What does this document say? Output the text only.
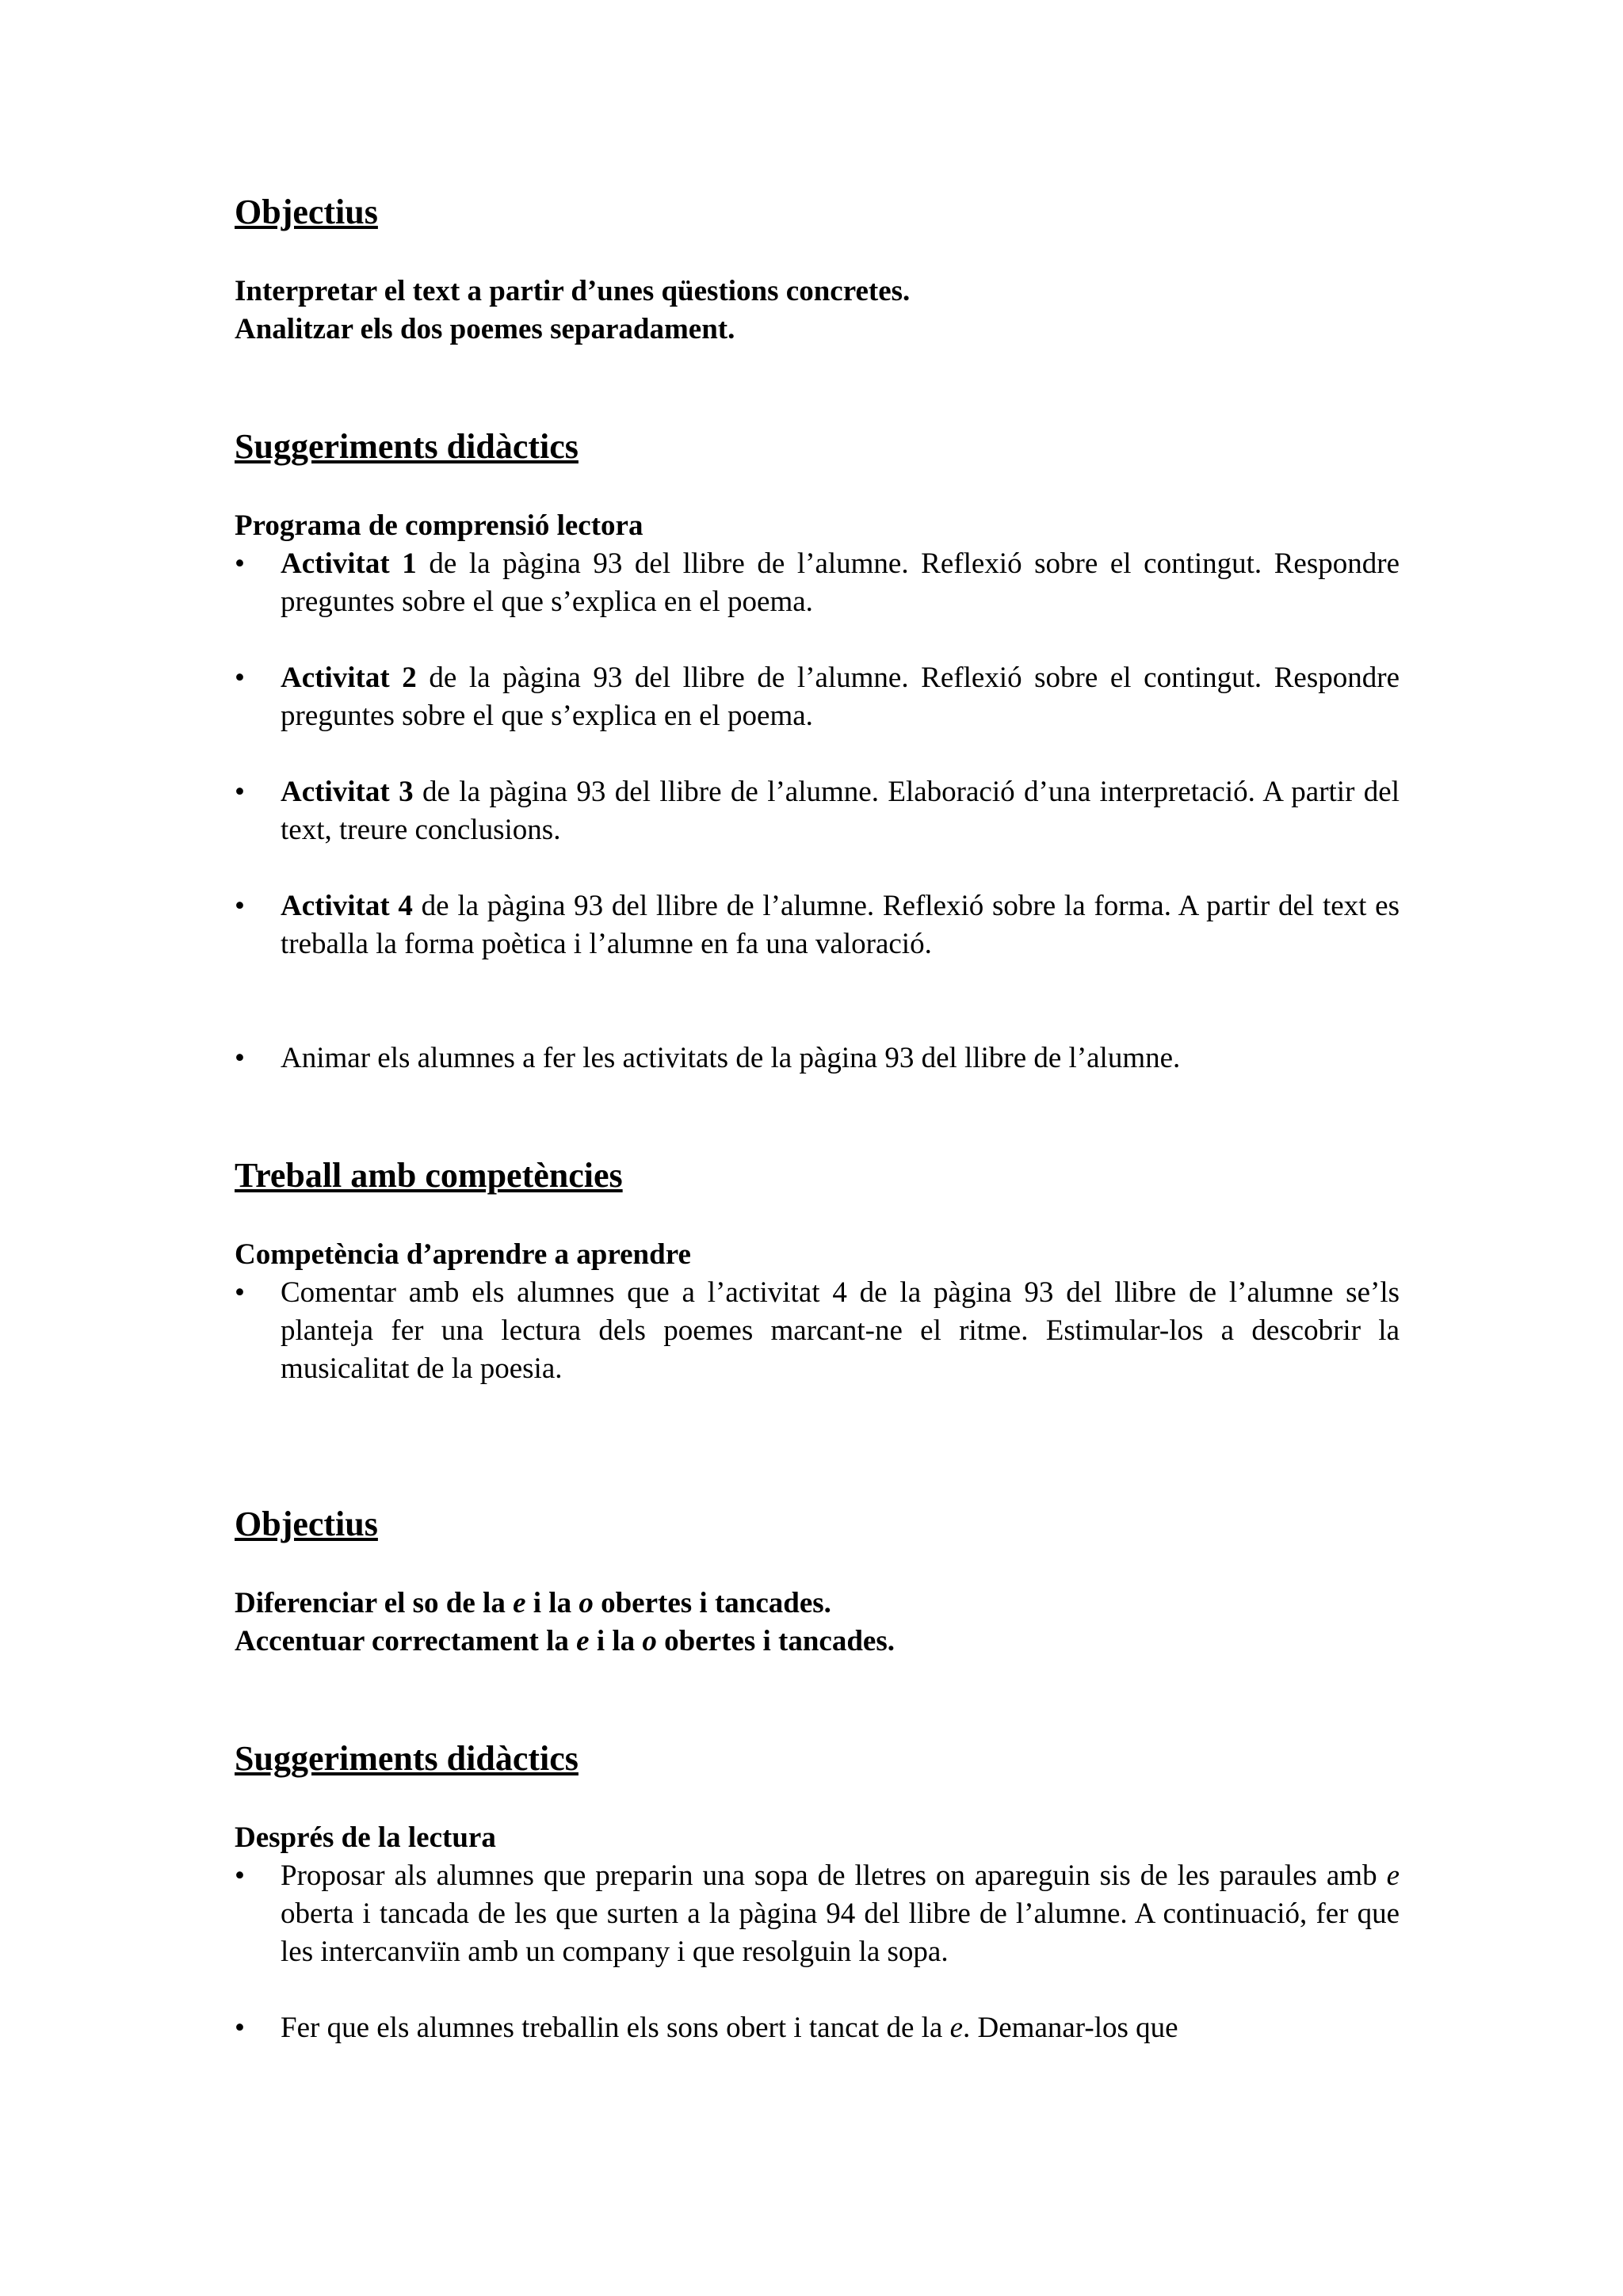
Objectius

Interpretar el text a partir d’unes qüestions concretes.

Analitzar els dos poemes separadament.

Suggeriments didàctics

Programa de comprensió lectora

• Activitat 1 de la pàgina 93 del llibre de l’alumne. Reflexió sobre el contingut. Respondre preguntes sobre el que s’explica en el poema.
• Activitat 2 de la pàgina 93 del llibre de l’alumne. Reflexió sobre el contingut. Respondre preguntes sobre el que s’explica en el poema.
• Activitat 3 de la pàgina 93 del llibre de l’alumne. Elaboració d’una interpretació. A partir del text, treure conclusions.
• Activitat 4 de la pàgina 93 del llibre de l’alumne. Reflexió sobre la forma. A partir del text es treballa la forma poètica i l’alumne en fa una valoració.
• Animar els alumnes a fer les activitats de la pàgina 93 del llibre de l’alumne.
Treball amb competències

Competència d’aprendre a aprendre

• Comentar amb els alumnes que a l’activitat 4 de la pàgina 93 del llibre de l’alumne se’ls planteja fer una lectura dels poemes marcant-ne el ritme. Estimular-los a descobrir la musicalitat de la poesia.
Objectius

Diferenciar el so de la e i la o obertes i tancades.

Accentuar correctament la e i la o obertes i tancades.

Suggeriments didàctics

Després de la lectura

• Proposar als alumnes que preparin una sopa de lletres on apareguin sis de les paraules amb e oberta i tancada de les que surten a la pàgina 94 del llibre de l’alumne. A continuació, fer que les intercanviïn amb un company i que resolguin la sopa.
• Fer que els alumnes treballin els sons obert i tancat de la e. Demanar-los que
